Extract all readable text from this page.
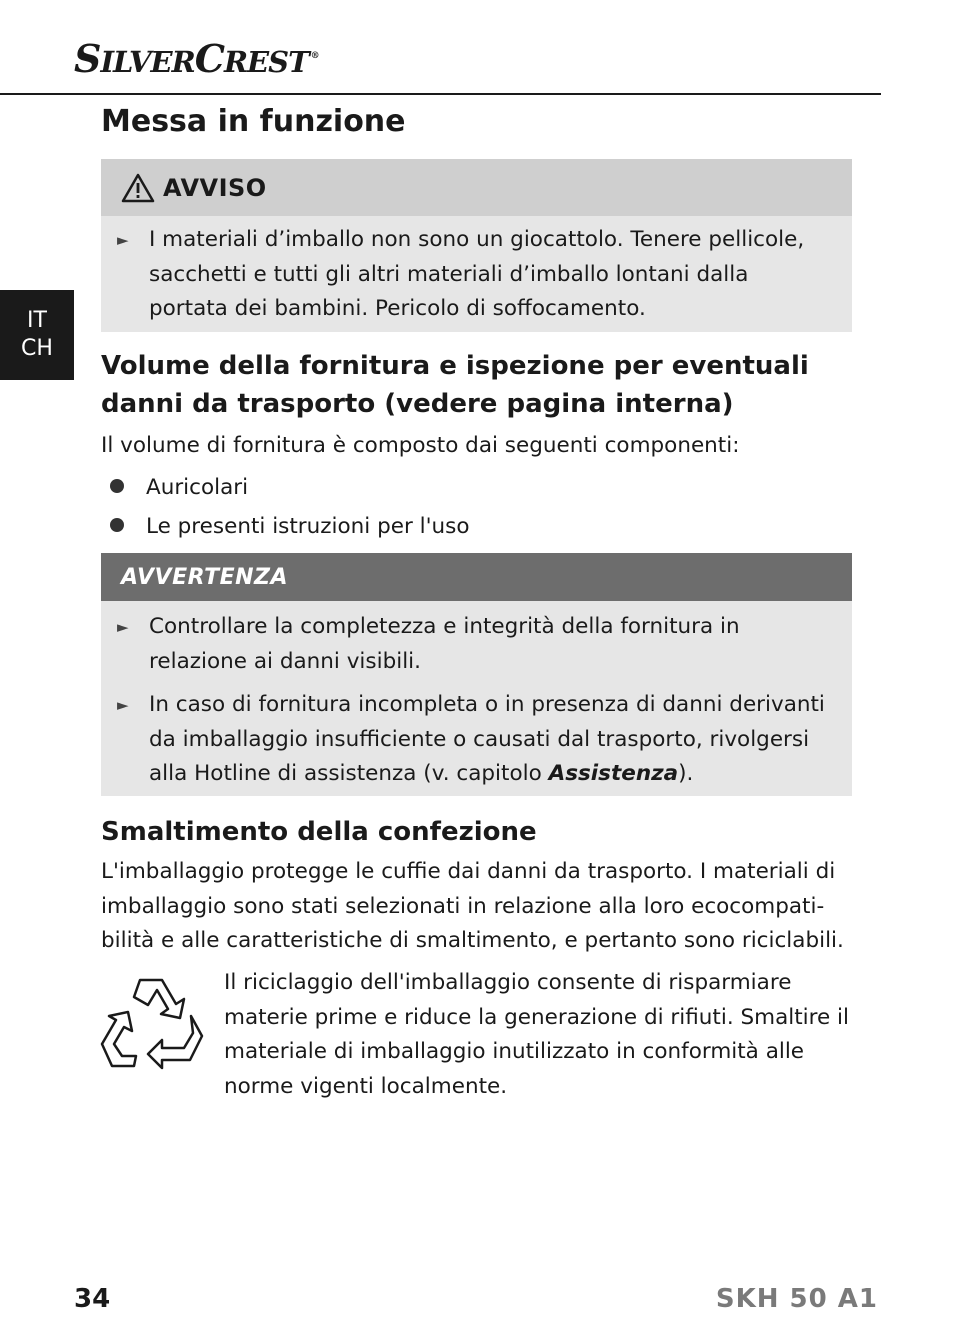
SILVERCREST ®
IT
CH
Messa in funzione
AVVISO
► I materiali d’imballo non sono un giocattolo. Tenere pellicole, sacchetti e tutti gli altri materiali d’imballo lontani dalla portata dei bambini. Pericolo di soffocamento.
Volume della fornitura e ispezione per eventuali danni da trasporto (vedere pagina interna)

Il volume di fornitura è composto dai seguenti componenti:

Auricolari
Le presenti istruzioni per l'uso
AVVERTENZA
► Controllare la completezza e integrità della fornitura in relazione ai danni visibili.
► In caso di fornitura incompleta o in presenza di danni derivanti da imballaggio insufficiente o causati dal trasporto, rivolgersi alla Hotline di assistenza (v. capitolo Assistenza).
Smaltimento della confezione

L'imballaggio protegge le cuffie dai danni da trasporto. I materiali di imballaggio sono stati selezionati in relazione alla loro ecocompati-bilità e alle caratteristiche di smaltimento, e pertanto sono riciclabili.

Il riciclaggio dell'imballaggio consente di risparmiare materie prime e riduce la generazione di rifiuti. Smaltire il materiale di imballaggio inutilizzato in conformità alle norme vigenti localmente.

34	SKH 50 A1
